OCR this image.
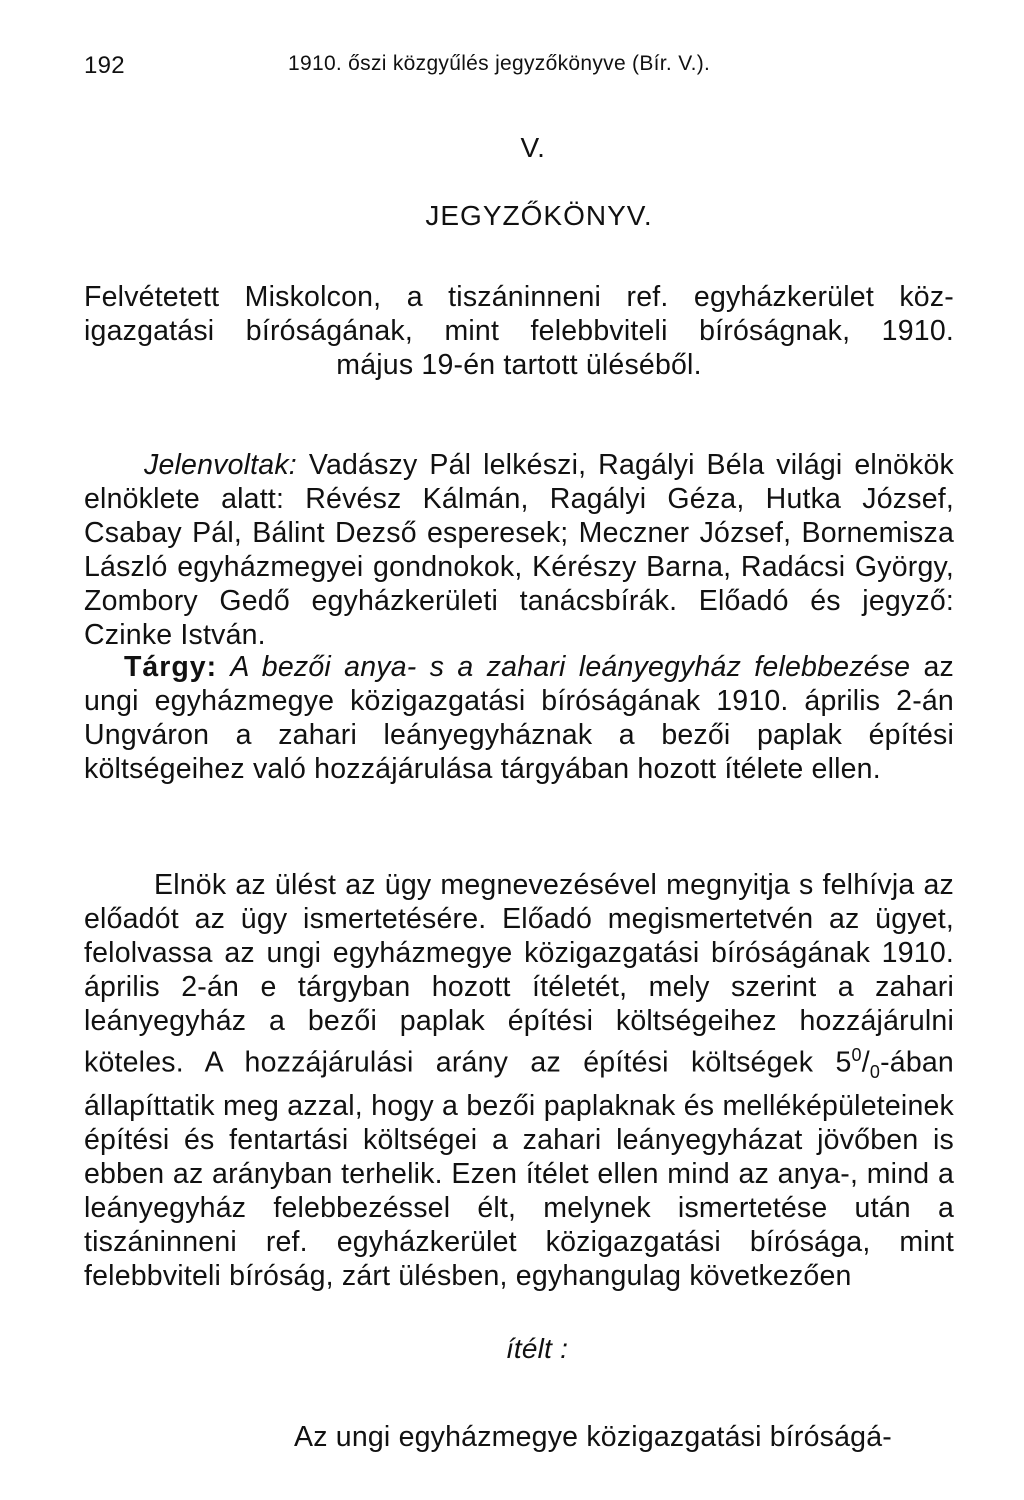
192	1910. őszi közgyűlés jegyzőkönyve (Bír. V.).
V.
JEGYZŐKÖNYV.
Felvétetett Miskolcon, a tiszáninneni ref. egyházkerület köz-
igazgatási bíróságának, mint felebbviteli bíróságnak, 1910.
május 19-én tartott üléséből.

Jelenvoltak: Vadászy Pál lelkészi, Ragályi Béla világi elnökök elnöklete alatt: Révész Kálmán, Ragályi Géza, Hutka József, Csabay Pál, Bálint Dezső esperesek; Meczner József, Bornemisza László egyházmegyei gondnokok, Kérészy Barna, Radácsi György, Zombory Gedő egyházkerületi tanácsbírák. Előadó és jegyző: Czinke István.

Tárgy: A bezői anya- s a zahari leányegyház felebbezése az ungi egyházmegye közigazgatási bíróságának 1910. április 2-án Ungváron a zahari leányegyháznak a bezői paplak építési költségeihez való hozzájárulása tárgyában hozott ítélete ellen.

Elnök az ülést az ügy megnevezésével megnyitja s felhívja az előadót az ügy ismertetésére. Előadó megismertetvén az ügyet, felolvassa az ungi egyházmegye közigazgatási bíróságának 1910. április 2-án e tárgyban hozott ítéletét, mely szerint a zahari leányegyház a bezői paplak építési költségeihez hozzájárulni köteles. A hozzájárulási arány az építési költségek $5^0/_0$-ában állapíttatik meg azzal, hogy a bezői paplaknak és melléképületeinek építési és fentartási költségei a zahari leányegyházat jövőben is ebben az arányban terhelik. Ezen ítélet ellen mind az anya-, mind a leányegyház felebbezéssel élt, melynek ismertetése után a tiszáninneni ref. egyházkerület közigazgatási bírósága, mint felebbviteli bíróság, zárt ülésben, egyhangulag következően

ítélt :

Az ungi egyházmegye közigazgatási bíróságá-
